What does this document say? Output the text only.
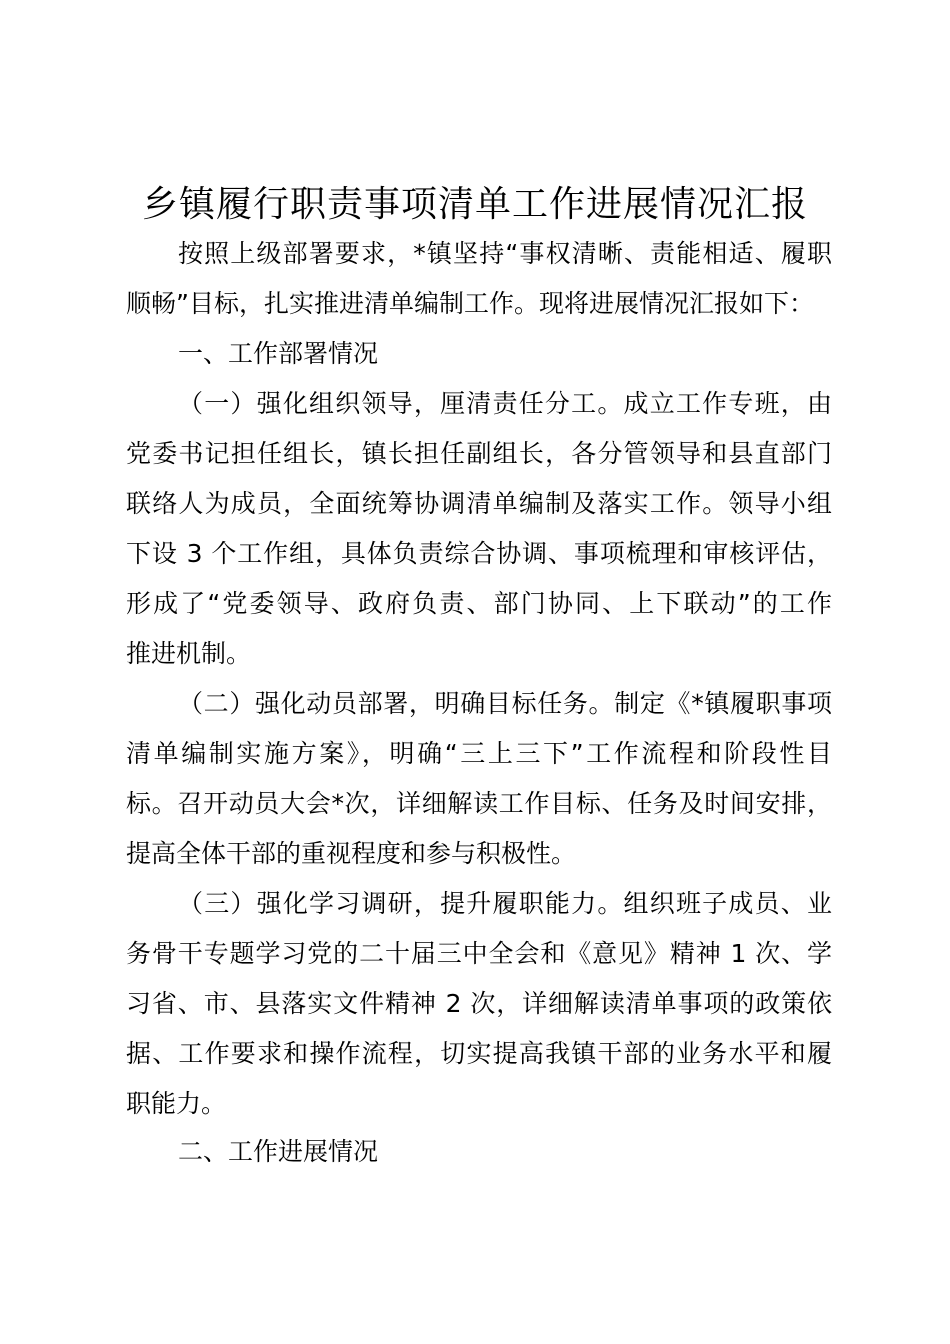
乡镇履行职责事项清单工作进展情况汇报

按照上级部署要求，*镇坚持“事权清晰、责能相适、履职

顺畅”目标，扎实推进清单编制工作。现将进展情况汇报如下：

一、工作部署情况

（一）强化组织领导，厘清责任分工。成立工作专班，由

党委书记担任组长，镇长担任副组长，各分管领导和县直部门

联络人为成员，全面统筹协调清单编制及落实工作。领导小组

下设 3 个工作组，具体负责综合协调、事项梳理和审核评估，

形成了“党委领导、政府负责、部门协同、上下联动”的工作

推进机制。

（二）强化动员部署，明确目标任务。制定《*镇履职事项

清单编制实施方案》，明确“三上三下”工作流程和阶段性目

标。召开动员大会*次，详细解读工作目标、任务及时间安排，

提高全体干部的重视程度和参与积极性。

（三）强化学习调研，提升履职能力。组织班子成员、业

务骨干专题学习党的二十届三中全会和《意见》精神 1 次、学

习省、市、县落实文件精神 2 次，详细解读清单事项的政策依

据、工作要求和操作流程，切实提高我镇干部的业务水平和履

职能力。

二、工作进展情况
